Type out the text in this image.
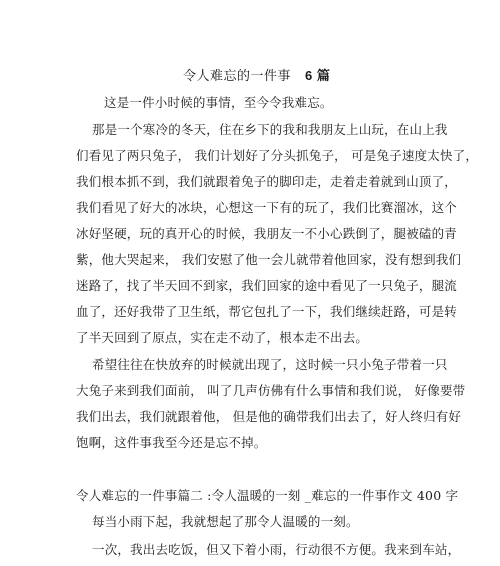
令人难忘的一件事 6 篇
这是一件小时候的事情，至今令我难忘。
那是一个寒冷的冬天，住在乡下的我和我朋友上山玩，在山上我
们看见了两只兔子， 我们计划好了分头抓兔子， 可是兔子速度太快了，
我们根本抓不到，我们就跟着兔子的脚印走，走着走着就到山顶了，
我们看见了好大的冰块，心想这一下有的玩了，我们比赛溜冰，这个
冰好坚硬，玩的真开心的时候，我朋友一不小心跌倒了，腿被磕的青
紫，他大哭起来， 我们安慰了他一会儿就带着他回家，没有想到我们
迷路了，找了半天回不到家，我们回家的途中看见了一只兔子，腿流
血了，还好我带了卫生纸，帮它包扎了一下，我们继续赶路，可是转
了半天回到了原点，实在走不动了，根本走不出去。
希望往往在快放弃的时候就出现了，这时候一只小兔子带着一只
大兔子来到我们面前， 叫了几声仿佛有什么事情和我们说， 好像要带
我们出去，我们就跟着他， 但是他的确带我们出去了，好人终归有好
饱啊，这件事我至今还是忘不掉。
令人难忘的一件事篇二 :令人温暖的一刻 _难忘的一件事作文 400 字
每当小雨下起，我就想起了那令人温暖的一刻。
一次，我出去吃饭，但又下着小雨，行动很不方便。我来到车站，
